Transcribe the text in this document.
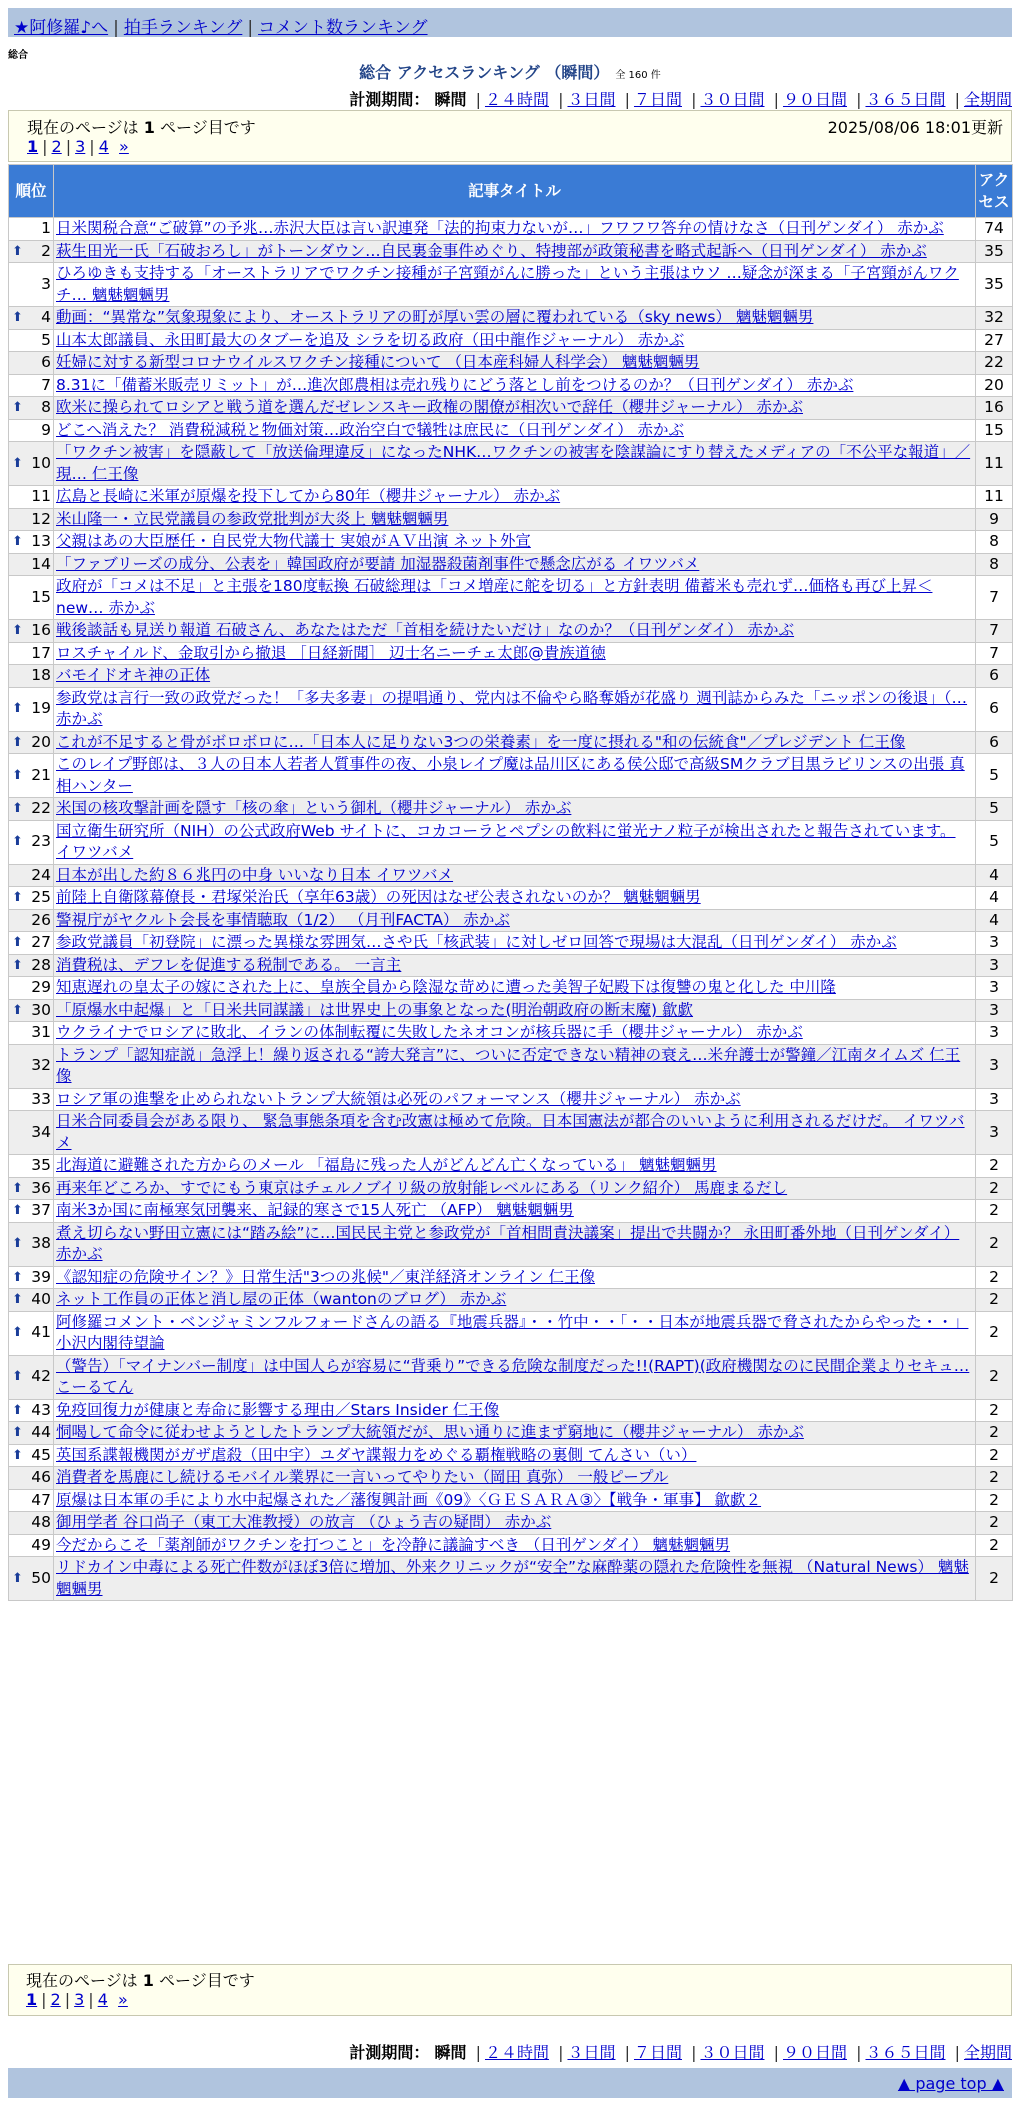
★阿修羅♪へ | 拍手ランキング | コメント数ランキング
総合
総合 アクセスランキング （瞬間） 全 160 件
計測期間： 瞬間 | ２４時間 | ３日間 | ７日間 | ３０日間 | ９０日間 | ３６５日間 | 全期間
現在のページは 1 ページ目です	2025/08/06 18:01更新
1 | 2 | 3 | 4 »
順位	記事タイトル	アクセス
1	日米関税合意“ご破算”の予兆…赤沢大臣は言い訳連発「法的拘束力ないが…」フワフワ答弁の情けなさ（日刊ゲンダイ） 赤かぶ	74

⬆ 2	萩生田光一氏「石破おろし」がトーンダウン…自民裏金事件めぐり、特捜部が政策秘書を略式起訴へ（日刊ゲンダイ） 赤かぶ	35
3	ひろゆきも支持する「オーストラリアでワクチン接種が子宮頸がんに勝った」という主張はウソ …疑念が深まる「子宮頸がんワクチ… 魑魅魍魎男	35

⬆ 4	動画：“異常な”気象現象により、オーストラリアの町が厚い雲の層に覆われている（sky news） 魑魅魍魎男	32
5	山本太郎議員、永田町最大のタブーを追及 シラを切る政府（田中龍作ジャーナル） 赤かぶ	27
6	妊婦に対する新型コロナウイルスワクチン接種について （日本産科婦人科学会） 魑魅魍魎男	22
7	8.31に「備蓄米販売リミット」が…進次郎農相は売れ残りにどう落とし前をつけるのか？（日刊ゲンダイ） 赤かぶ	20

⬆ 8	欧米に操られてロシアと戦う道を選んだゼレンスキー政権の閣僚が相次いで辞任（櫻井ジャーナル） 赤かぶ	16
9	どこへ消えた？ 消費税減税と物価対策…政治空白で犠牲は庶民に（日刊ゲンダイ） 赤かぶ	15

⬆ 10	「ワクチン被害」を隠蔽して「放送倫理違反」になったNHK…ワクチンの被害を陰謀論にすり替えたメディアの「不公平な報道」／現… 仁王像	11
11	広島と長崎に米軍が原爆を投下してから80年（櫻井ジャーナル） 赤かぶ	11
12	米山隆一・立民党議員の参政党批判が大炎上 魑魅魍魎男	9

⬆ 13	父親はあの大臣歴任・自民党大物代議士 実娘がＡＶ出演 ネット外宣	8
14	「ファブリーズの成分、公表を」韓国政府が要請 加湿器殺菌剤事件で懸念広がる イワツバメ	8
15	政府が「コメは不足」と主張を180度転換 石破総理は「コメ増産に舵を切る」と方針表明 備蓄米も売れず…価格も再び上昇＜new… 赤かぶ	7

⬆ 16	戦後談話も見送り報道 石破さん、あなたはただ「首相を続けたいだけ」なのか？（日刊ゲンダイ） 赤かぶ	7
17	ロスチャイルド、金取引から撤退 ［日経新聞］ 辺士名ニーチェ太郎@貴族道徳	7
18	バモイドオキ神の正体	6

⬆ 19	参政党は言行一致の政党だった！「多夫多妻」の提唱通り、党内は不倫やら略奪婚が花盛り 週刊誌からみた「ニッポンの後退」（… 赤かぶ	6

⬆ 20	これが不足すると骨がボロボロに…「日本人に足りない3つの栄養素」を一度に摂れる"和の伝統食"／プレジデント 仁王像	6

⬆ 21	このレイプ野郎は、３人の日本人若者人質事件の夜、小泉レイプ魔は品川区にある侯公邸で高級SMクラブ目黒ラビリンスの出張 真相ハンター	5

⬆ 22	米国の核攻撃計画を隠す「核の傘」という御札（櫻井ジャーナル） 赤かぶ	5

⬆ 23	国立衛生研究所（NIH）の公式政府Web サイトに、コカコーラとペプシの飲料に蛍光ナノ粒子が検出されたと報告されています。 イワツバメ	5
24	日本が出した約８６兆円の中身 いいなり日本 イワツバメ	4

⬆ 25	前陸上自衛隊幕僚長・君塚栄治氏（享年63歳）の死因はなぜ公表されないのか？ 魑魅魍魎男	4
26	警視庁がヤクルト会長を事情聴取（1/2） （月刊FACTA） 赤かぶ	4

⬆ 27	参政党議員「初登院」に漂った異様な雰囲気…さや氏「核武装」に対しゼロ回答で現場は大混乱（日刊ゲンダイ） 赤かぶ	3

⬆ 28	消費税は、デフレを促進する税制である。 一言主	3
29	知恵遅れの皇太子の嫁にされた上に、皇族全員から陰湿な苛めに遭った美智子妃殿下は復讐の鬼と化した 中川隆	3

⬆ 30	「原爆水中起爆」と「日米共同謀議」は世界史上の事象となった(明治朝政府の断末魔) 歙歔	3
31	ウクライナでロシアに敗北、イランの体制転覆に失敗したネオコンが核兵器に手（櫻井ジャーナル） 赤かぶ	3
32	トランプ「認知症説」急浮上！繰り返される“誇大発言”に、ついに否定できない精神の衰え…米弁護士が警鐘／江南タイムズ 仁王像	3
33	ロシア軍の進撃を止められないトランプ大統領は必死のパフォーマンス（櫻井ジャーナル） 赤かぶ	3
34	日米合同委員会がある限り、 緊急事態条項を含む改憲は極めて危険。日本国憲法が都合のいいように利用されるだけだ。 イワツバメ	3
35	北海道に避難された方からのメール 「福島に残った人がどんどん亡くなっている」 魑魅魍魎男	2

⬆ 36	再来年どころか、すでにもう東京はチェルノブイリ級の放射能レベルにある（リンク紹介） 馬鹿まるだし	2

⬆ 37	南米3か国に南極寒気団襲来、記録的寒さで15人死亡 （AFP） 魑魅魍魎男	2

⬆ 38	煮え切らない野田立憲には“踏み絵”に…国民民主党と参政党が「首相問責決議案」提出で共闘か？ 永田町番外地（日刊ゲンダイ） 赤かぶ	2

⬆ 39	《認知症の危険サイン？》日常生活"3つの兆候"／東洋経済オンライン 仁王像	2

⬆ 40	ネット工作員の正体と消し屋の正体（wantonのブログ） 赤かぶ	2

⬆ 41	阿修羅コメント・ベンジャミンフルフォードさんの語る『地震兵器』・・竹中・・「・・日本が地震兵器で脅されたからやった・・」 小沢内閣待望論	2

⬆ 42	（警告）「マイナンバー制度」は中国人らが容易に“背乗り”できる危険な制度だった!!(RAPT)(政府機関なのに民間企業よりセキュ… こーるてん	2

⬆ 43	免疫回復力が健康と寿命に影響する理由／Stars Insider 仁王像	2

⬆ 44	恫喝して命令に従わせようとしたトランプ大統領だが、思い通りに進まず窮地に（櫻井ジャーナル） 赤かぶ	2

⬆ 45	英国系諜報機関がガザ虐殺（田中宇）ユダヤ諜報力をめぐる覇権戦略の裏側 てんさい（い）	2
46	消費者を馬鹿にし続けるモバイル業界に一言いってやりたい（岡田 真弥） 一般ピープル	2
47	原爆は日本軍の手により水中起爆された／藩復興計画《09》〈ＧＥＳＡＲＡ③〉【戦争・軍事】 歙歔２	2
48	御用学者 谷口尚子（東工大准教授）の放言 （ひょう吉の疑問） 赤かぶ	2
49	今だからこそ「薬剤師がワクチンを打つこと」を冷静に議論すべき （日刊ゲンダイ） 魑魅魍魎男	2

⬆ 50	リドカイン中毒による死亡件数がほぼ3倍に増加、外来クリニックが“安全”な麻酔薬の隠れた危険性を無視 （Natural News） 魑魅魍魎男	2
現在のページは 1 ページ目です
1 | 2 | 3 | 4 »
計測期間： 瞬間 | ２４時間 | ３日間 | ７日間 | ３０日間 | ９０日間 | ３６５日間 | 全期間
▲ page top ▲
